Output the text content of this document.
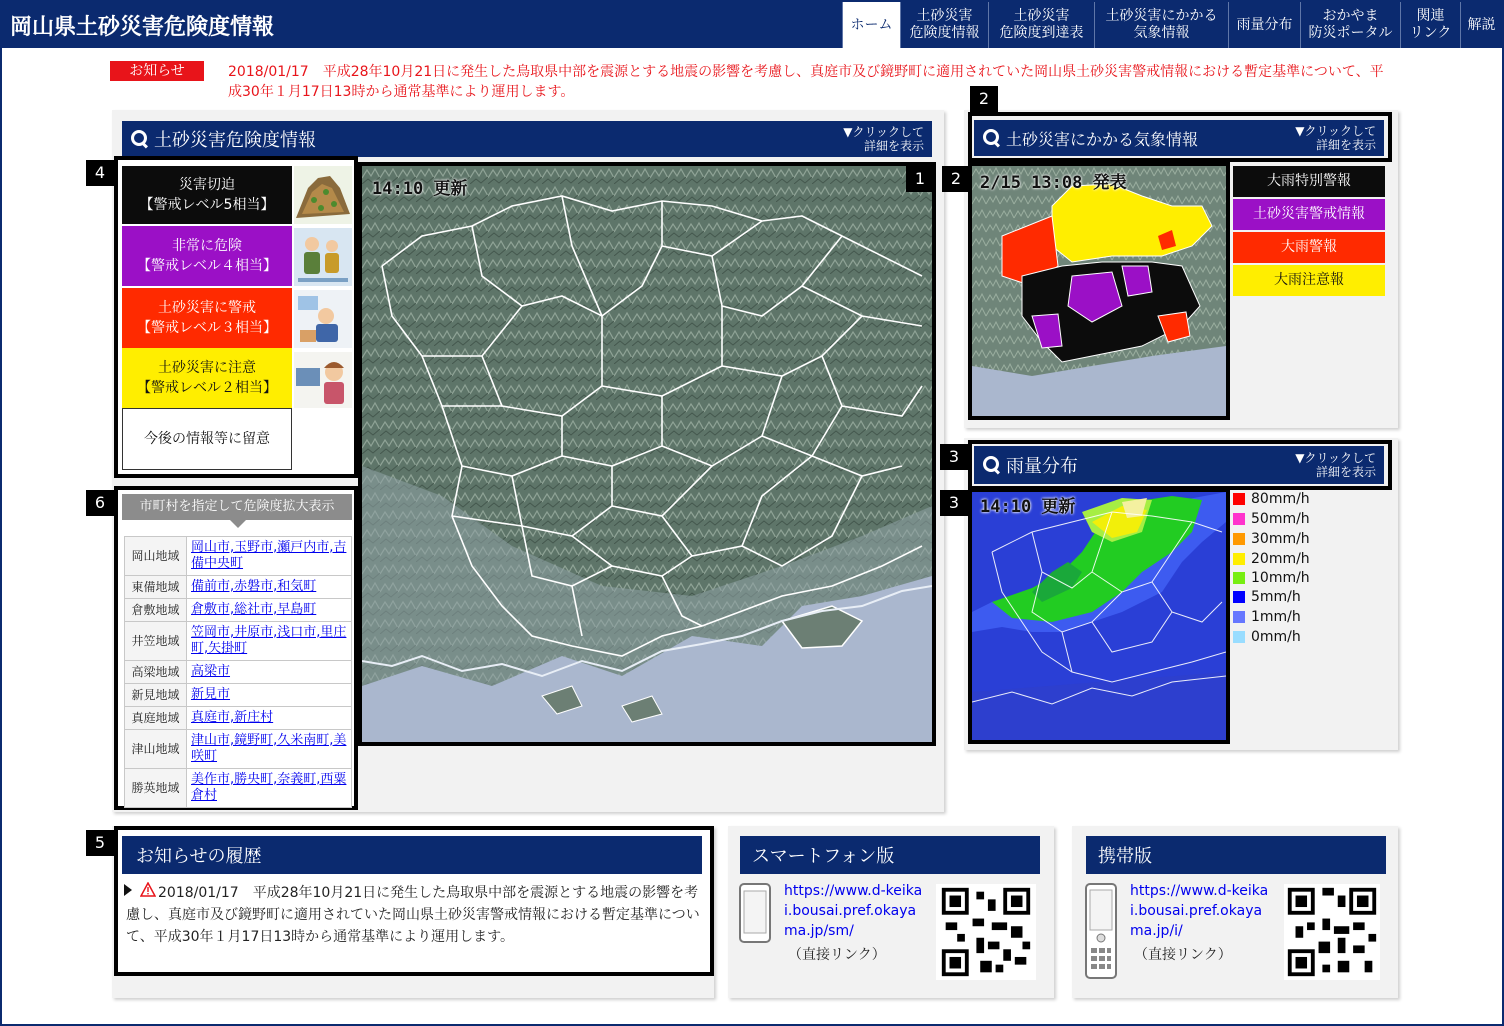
岡山県土砂災害危険度情報	ホーム
土砂災害
危険度情報
土砂災害
危険度到達表
土砂災害にかかる
気象情報
雨量分布
おかやま
防災ポータル
関連
リンク
解説
お知らせ	2018/01/17　平成28年10月21日に発生した鳥取県中部を震源とする地震の影響を考慮し、真庭市及び鏡野町に適用されていた岡山県土砂災害警戒情報における暫定基準について、平成30年１月17日13時から通常基準により運用します。
土砂災害危険度情報	▼クリックして
詳細を表示
災害切迫
【警戒レベル5相当】
非常に危険
【警戒レベル４相当】
土砂災害に警戒
【警戒レベル３相当】
土砂災害に注意
【警戒レベル２相当】
今後の情報等に留意
14:10 更新
市町村を指定して危険度拡大表示
岡山地域	岡山市,玉野市,瀬戸内市,吉備中央町
東備地域	備前市,赤磐市,和気町
倉敷地域	倉敷市,総社市,早島町
井笠地域	笠岡市,井原市,浅口市,里庄町,矢掛町
高梁地域	高梁市
新見地域	新見市
真庭地域	真庭市,新庄村
津山地域	津山市,鏡野町,久米南町,美咲町
勝英地域	美作市,勝央町,奈義町,西粟倉村
土砂災害にかかる気象情報	▼クリックして
詳細を表示
2/15 13:08 発表	大雨特別警報
土砂災害警戒情報
大雨警報
大雨注意報
雨量分布	▼クリックして
詳細を表示
14:10 更新	80mm/h
50mm/h
30mm/h
20mm/h
10mm/h
5mm/h
1mm/h
0mm/h
お知らせの履歴
2018/01/17　平成28年10月21日に発生した鳥取県中部を震源とする地震の影響を考慮し、真庭市及び鏡野町に適用されていた岡山県土砂災害警戒情報における暫定基準について、平成30年１月17日13時から通常基準により運用します。
スマートフォン版
https://www.d-keikai.bousai.pref.okayama.jp/sm/
（直接リンク）
携帯版
https://www.d-keikai.bousai.pref.okayama.jp/i/
（直接リンク）
1
2
2
3
3
4
5
6
